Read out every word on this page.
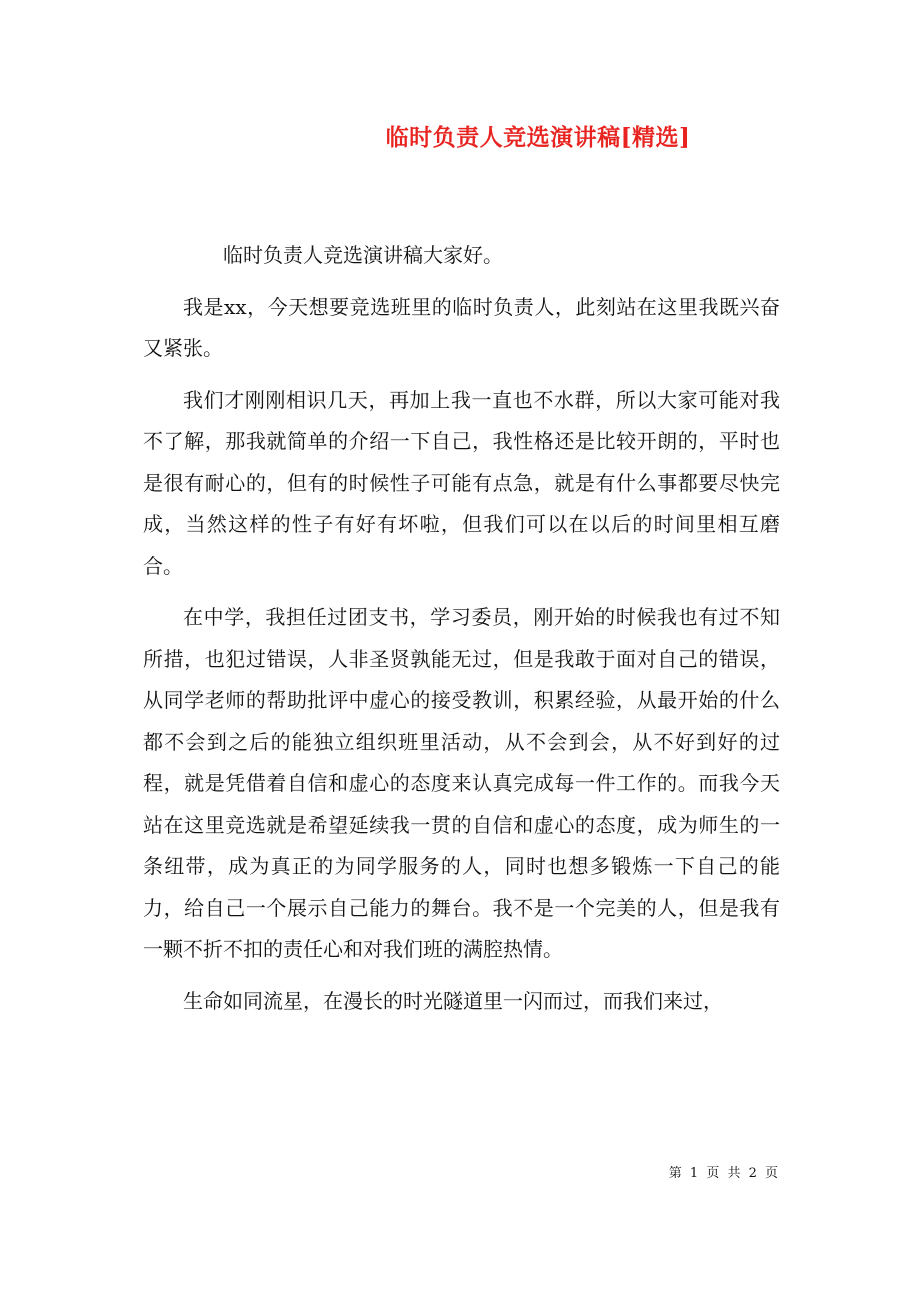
临时负责人竞选演讲稿[精选]

临时负责人竞选演讲稿大家好。

我是xx，今天想要竞选班里的临时负责人，此刻站在这里我既兴奋又紧张。

我们才刚刚相识几天，再加上我一直也不水群，所以大家可能对我不了解，那我就简单的介绍一下自己，我性格还是比较开朗的，平时也是很有耐心的，但有的时候性子可能有点急，就是有什么事都要尽快完成，当然这样的性子有好有坏啦，但我们可以在以后的时间里相互磨合。

在中学，我担任过团支书，学习委员，刚开始的时候我也有过不知所措，也犯过错误，人非圣贤孰能无过，但是我敢于面对自己的错误，从同学老师的帮助批评中虚心的接受教训，积累经验，从最开始的什么都不会到之后的能独立组织班里活动，从不会到会，从不好到好的过程，就是凭借着自信和虚心的态度来认真完成每一件工作的。而我今天站在这里竞选就是希望延续我一贯的自信和虚心的态度，成为师生的一条纽带，成为真正的为同学服务的人，同时也想多锻炼一下自己的能力，给自己一个展示自己能力的舞台。我不是一个完美的人，但是我有一颗不折不扣的责任心和对我们班的满腔热情。

生命如同流星，在漫长的时光隧道里一闪而过，而我们来过，

第 1 页 共 2 页
